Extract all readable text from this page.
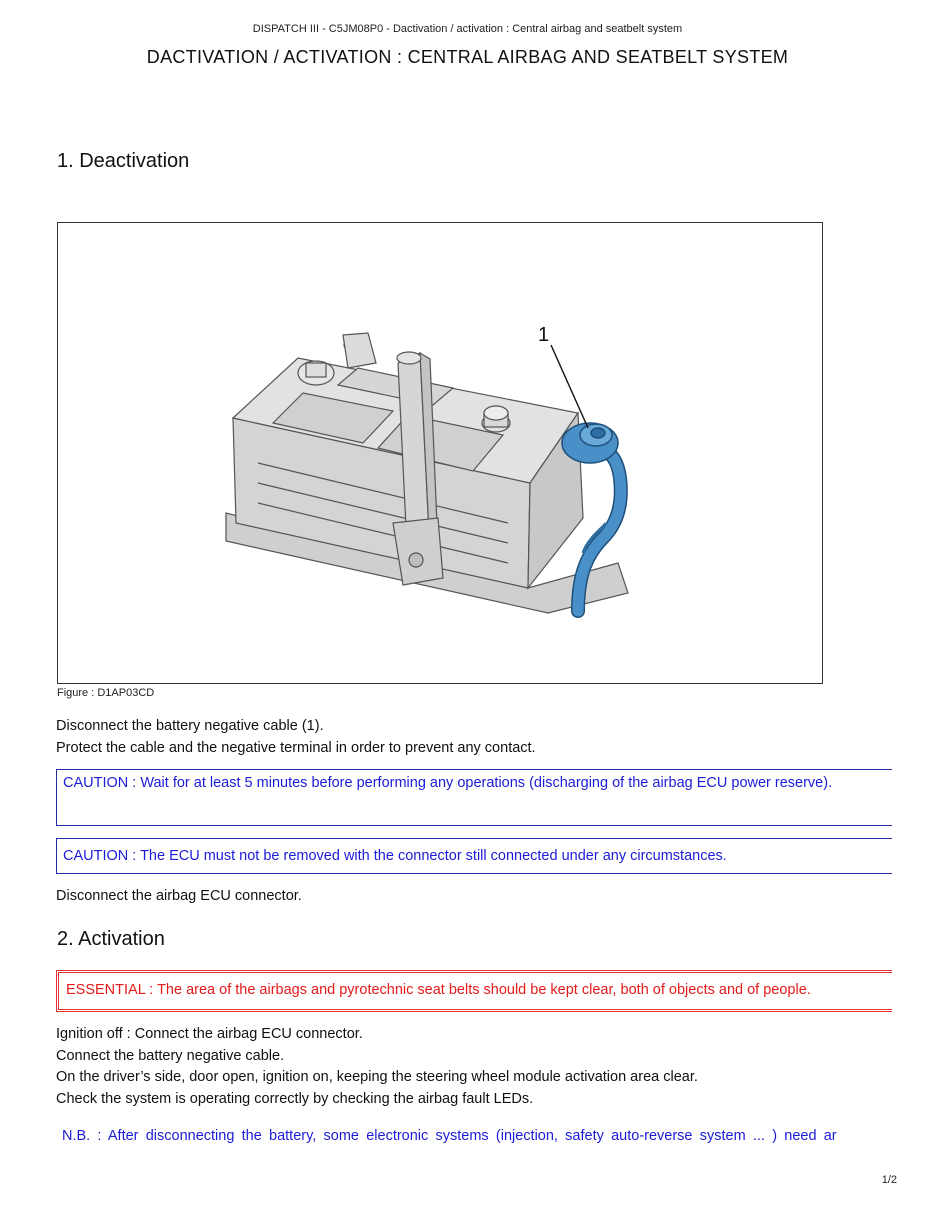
DISPATCH III - C5JM08P0 - Dactivation / activation : Central airbag and seatbelt system
DACTIVATION / ACTIVATION : CENTRAL AIRBAG AND SEATBELT SYSTEM
1. Deactivation
1
Figure : D1AP03CD
Disconnect the battery negative cable (1).
Protect the cable and the negative terminal in order to prevent any contact.
CAUTION : Wait for at least 5 minutes before performing any operations (discharging of the airbag ECU power reserve).
CAUTION : The ECU must not be removed with the connector still connected under any circumstances.
Disconnect the airbag ECU connector.
2. Activation
ESSENTIAL : The area of the airbags and pyrotechnic seat belts should be kept clear, both of objects and of people.
Ignition off : Connect the airbag ECU connector.
Connect the battery negative cable.
On the driver’s side, door open, ignition on, keeping the steering wheel module activation area clear.
Check the system is operating correctly by checking the airbag fault LEDs.
N.B. : After disconnecting the battery, some electronic systems (injection, safety auto-reverse system ... ) need ar
1/2
